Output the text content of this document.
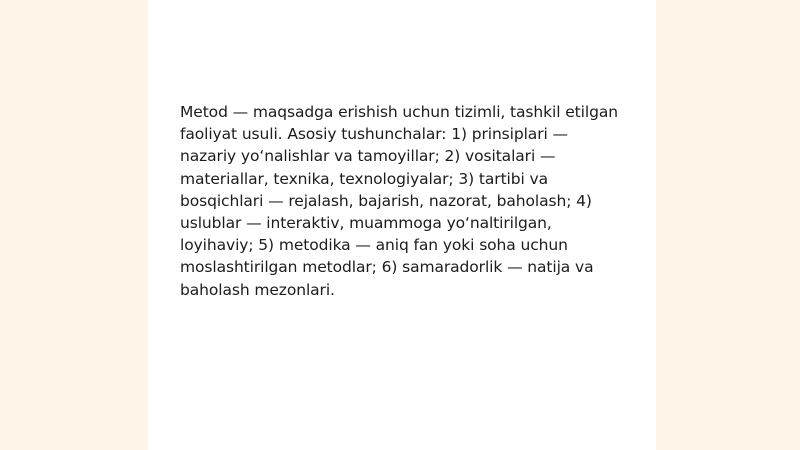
Metod — maqsadga erishish uchun tizimli, tashkil etilgan faoliyat usuli. Asosiy tushunchalar: 1) prinsiplari — nazariy yo‘nalishlar va tamoyillar; 2) vositalari — materiallar, texnika, texnologiyalar; 3) tartibi va bosqichlari — rejalash, bajarish, nazorat, baholash; 4) uslublar — interaktiv, muammoga yo‘naltirilgan, loyihaviy; 5) metodika — aniq fan yoki soha uchun moslashtirilgan metodlar; 6) samaradorlik — natija va baholash mezonlari.
